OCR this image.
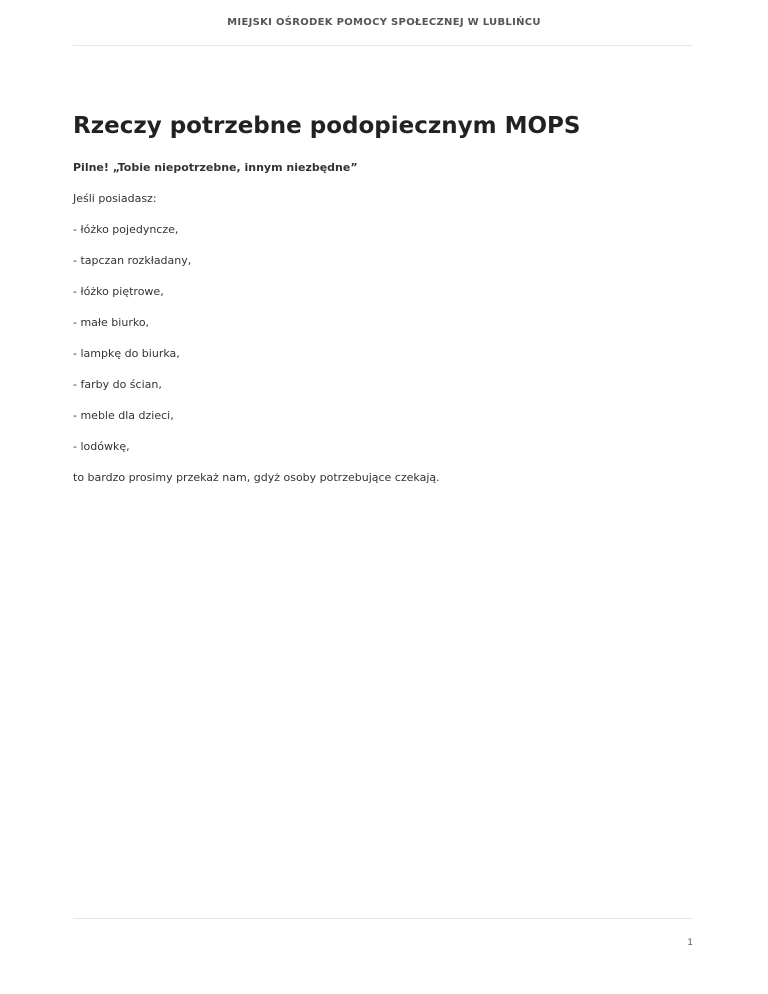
MIEJSKI OŚRODEK POMOCY SPOŁECZNEJ W LUBLIŃCU
Rzeczy potrzebne podopiecznym MOPS

Pilne! „Tobie niepotrzebne, innym niezbędne”

Jeśli posiadasz:

- łóżko pojedyncze,
- tapczan rozkładany,
- łóżko piętrowe,
- małe biurko,
- lampkę do biurka,
- farby do ścian,
- meble dla dzieci,
- lodówkę,

to bardzo prosimy przekaż nam, gdyż osoby potrzebujące czekają.

1
